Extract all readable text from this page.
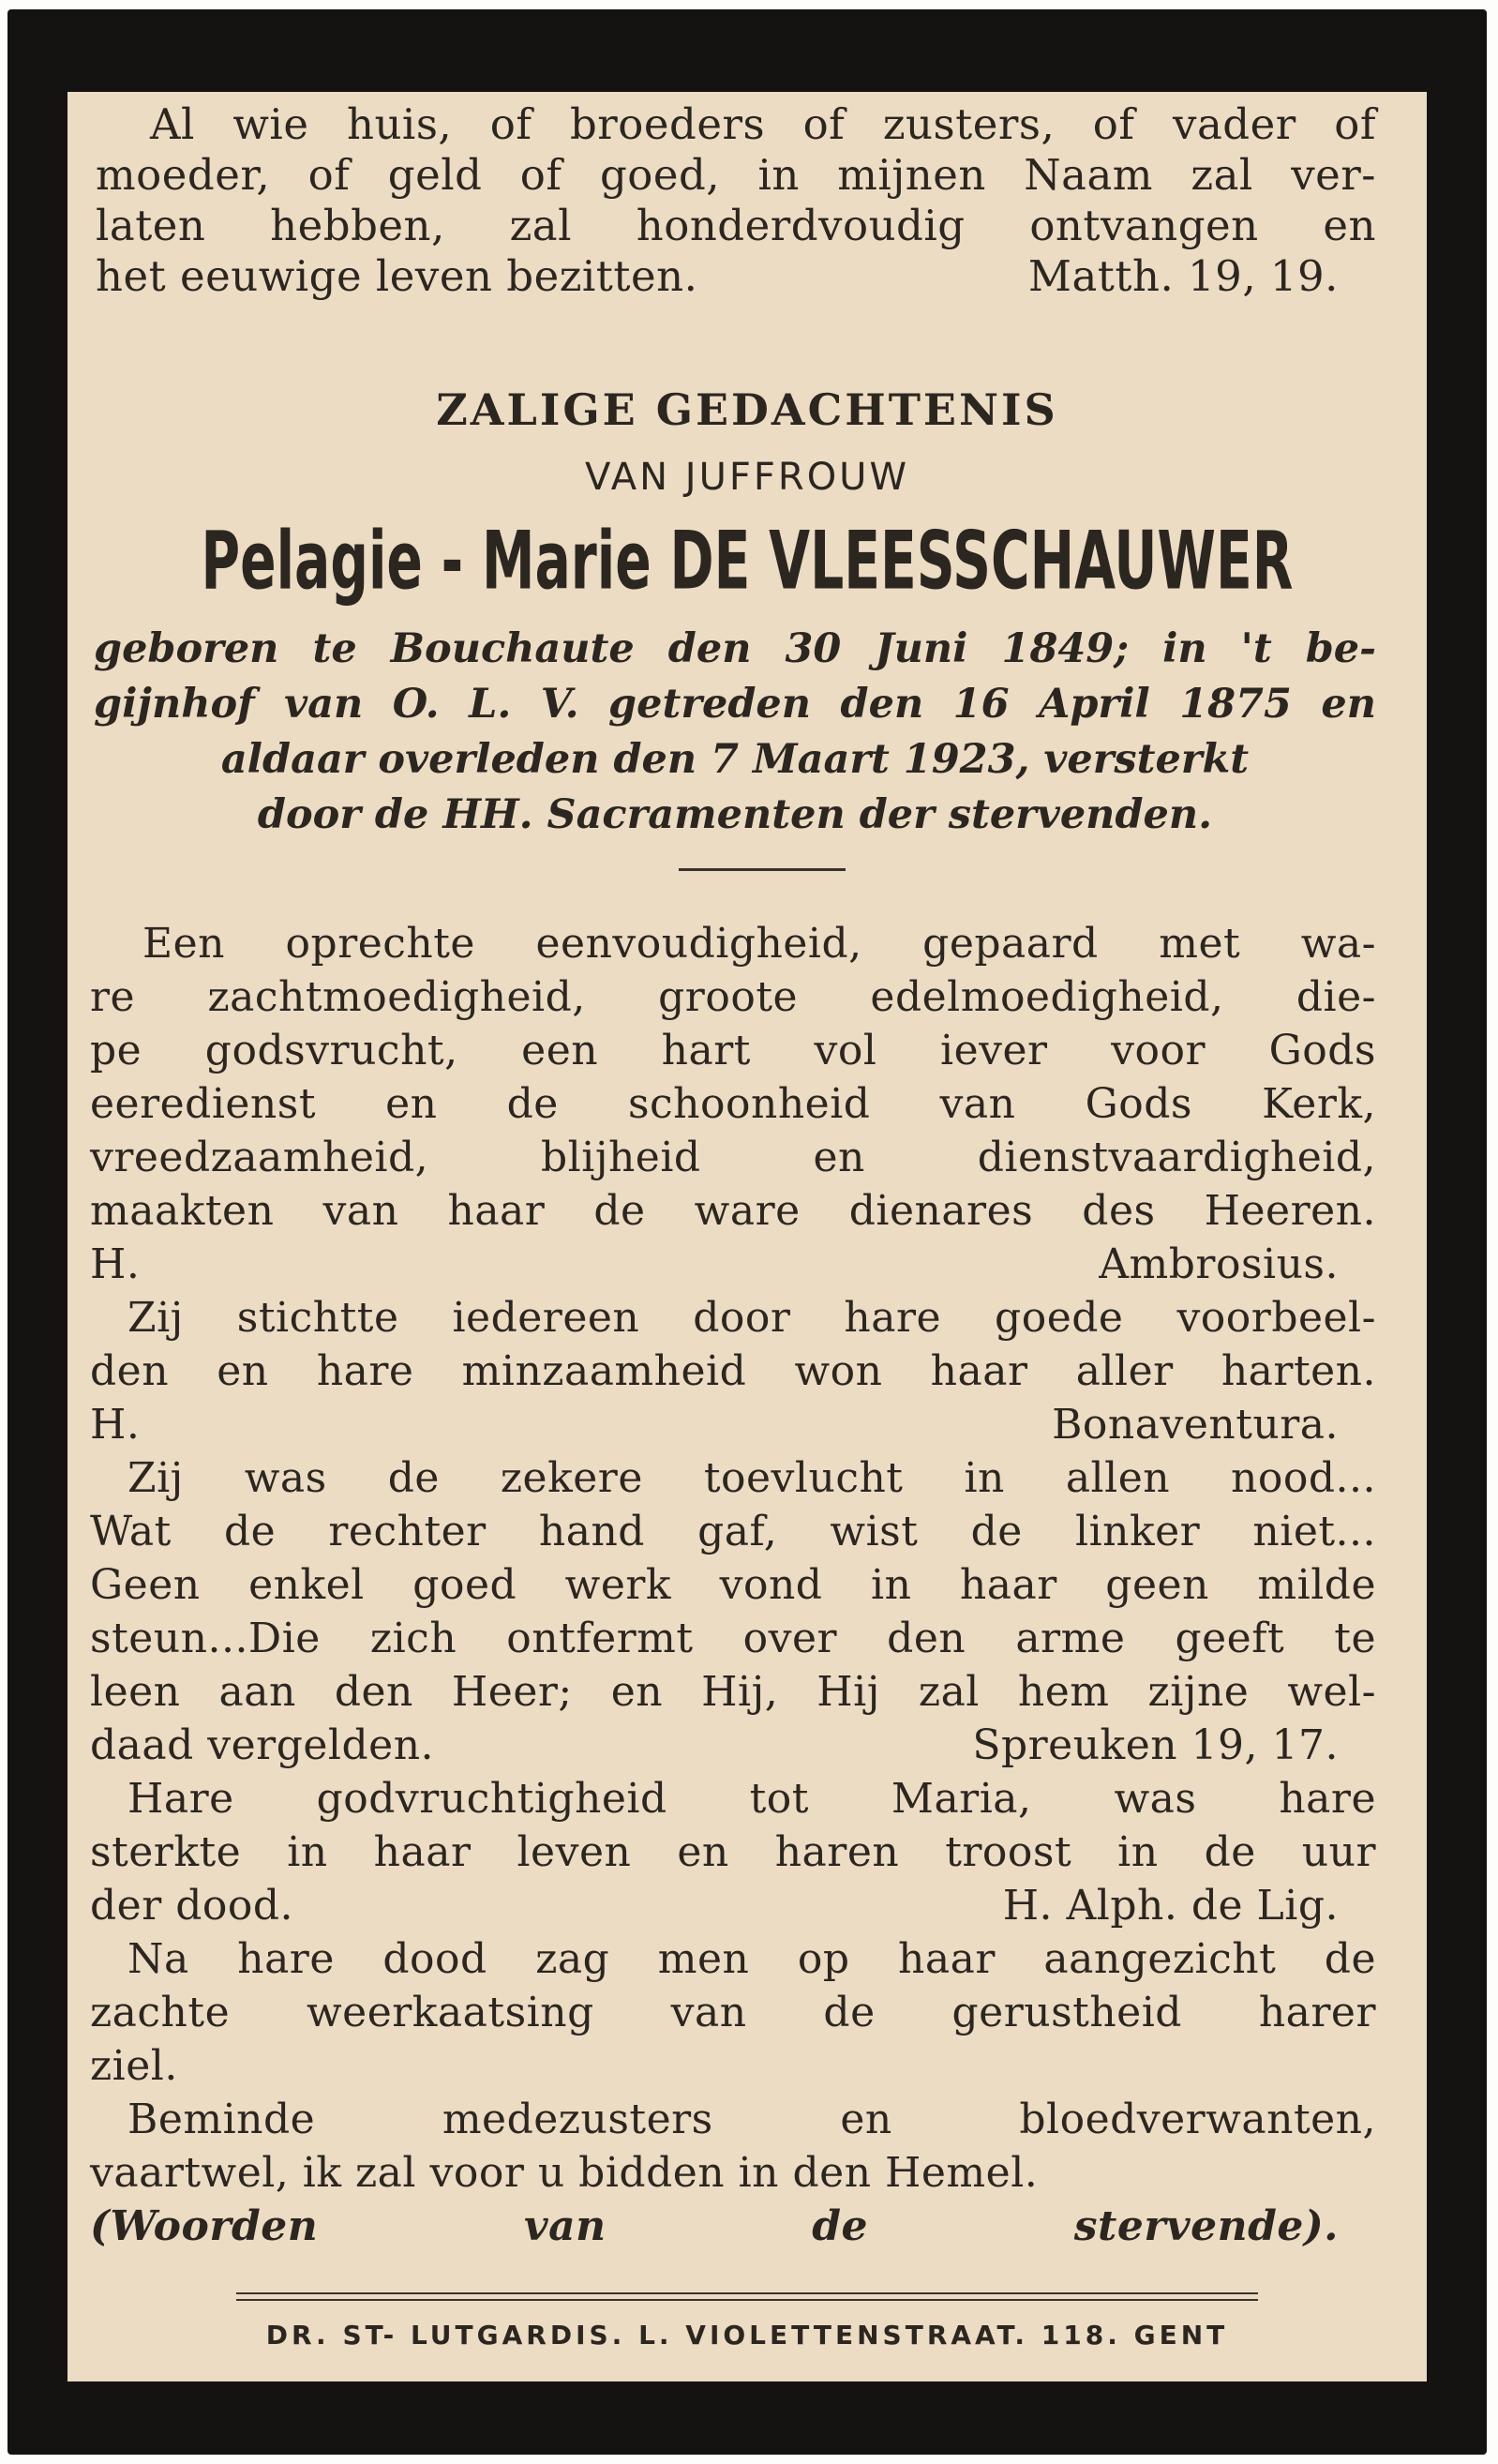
Al wie huis, of broeders of zusters, of vader of
moeder, of geld of goed, in mijnen Naam zal ver-
laten hebben, zal honderdvoudig ontvangen en
het eeuwige leven bezitten.	Matth. 19, 19.
ZALIGE GEDACHTENIS
VAN JUFFROUW
Pelagie - Marie DE VLEESSCHAUWER
geboren te Bouchaute den 30 Juni 1849; in 't be-
gijnhof van O. L. V. getreden den 16 April 1875 en
aldaar overleden den 7 Maart 1923, versterkt
door de HH. Sacramenten der stervenden.
Een oprechte eenvoudigheid, gepaard met wa-
re zachtmoedigheid, groote edelmoedigheid, die-
pe godsvrucht, een hart vol iever voor Gods
eeredienst en de schoonheid van Gods Kerk,
vreedzaamheid, blijheid en dienstvaardigheid,
maakten van haar de ware dienares des Heeren.
H. Ambrosius.
Zij stichtte iedereen door hare goede voorbeel-
den en hare minzaamheid won haar aller harten.
H. Bonaventura.
Zij was de zekere toevlucht in allen nood...
Wat de rechter hand gaf, wist de linker niet...
Geen enkel goed werk vond in haar geen milde
steun...Die zich ontfermt over den arme geeft te
leen aan den Heer; en Hij, Hij zal hem zijne wel-
daad vergelden.	Spreuken 19, 17.
Hare godvruchtigheid tot Maria, was hare
sterkte in haar leven en haren troost in de uur
der dood.	H. Alph. de Lig.
Na hare dood zag men op haar aangezicht de
zachte weerkaatsing van de gerustheid harer
ziel.
Beminde medezusters en bloedverwanten,
vaartwel, ik zal voor u bidden in den Hemel.
(Woorden van de stervende).
DR. ST- LUTGARDIS. L. VIOLETTENSTRAAT. 118. GENT
